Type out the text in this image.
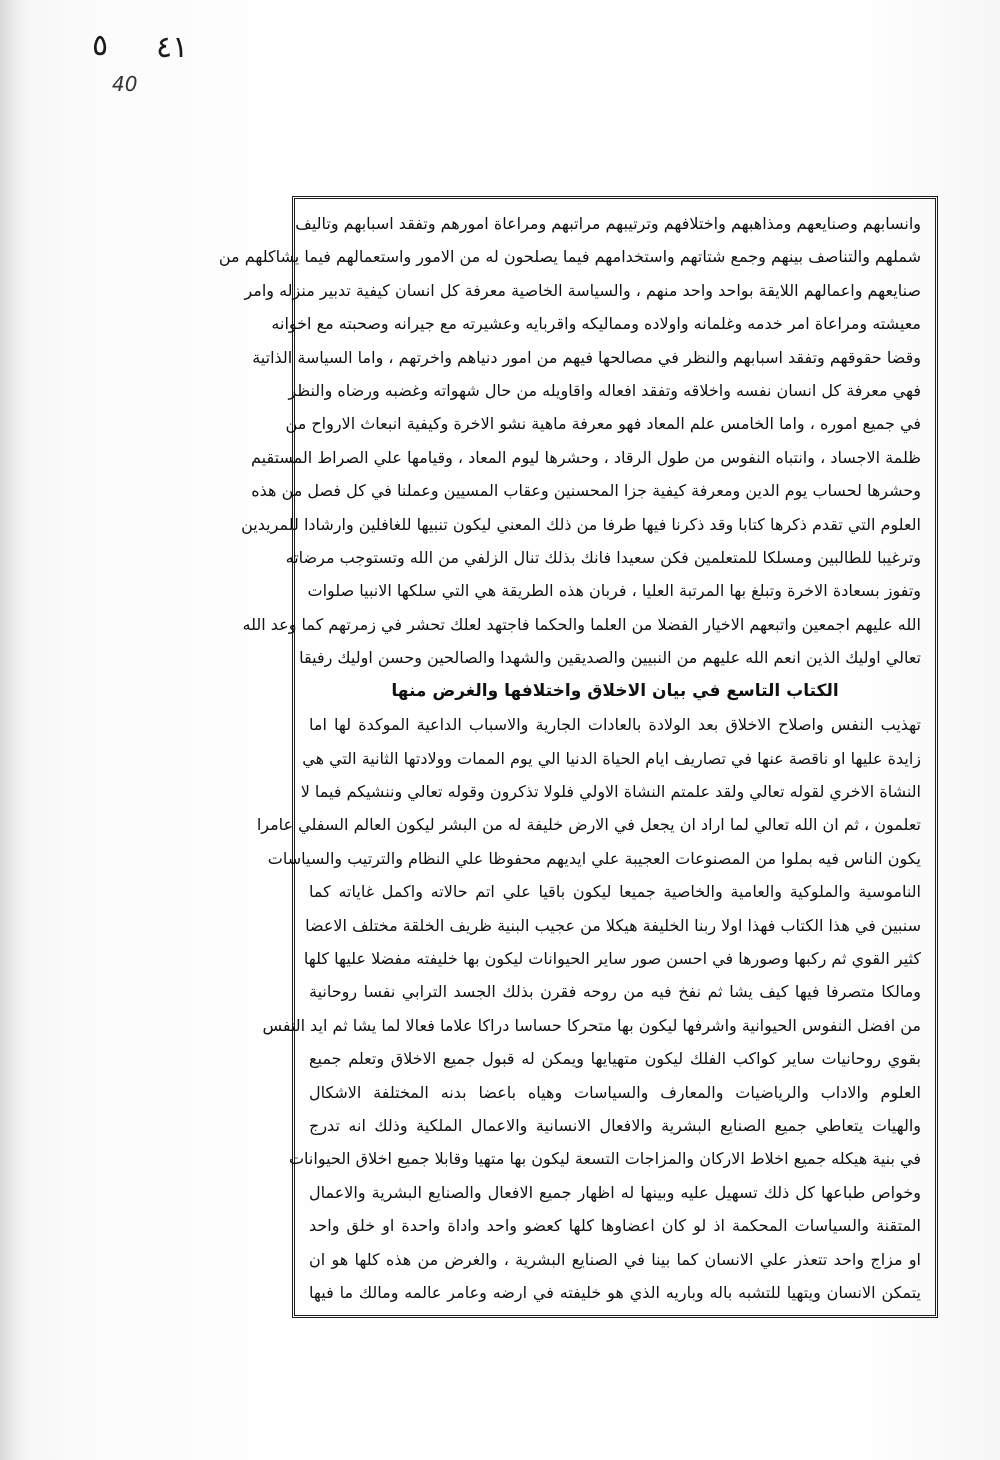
٤١
٥
40
وانسابهم وصنايعهم ومذاهبهم واختلافهم وترتيبهم مراتبهم ومراعاة امورهم وتفقد اسبابهم وتاليف
شملهم والتناصف بينهم وجمع شتاتهم واستخدامهم فيما يصلحون له من الامور واستعمالهم فيما يشاكلهم من
صنايعهم واعمالهم اللايقة بواحد واحد منهم ، والسياسة الخاصية معرفة كل انسان كيفية تدبير منزله وامر
معيشته ومراعاة امر خدمه وغلمانه واولاده ومماليكه واقربايه وعشيرته مع جيرانه وصحبته مع اخوانه
وقضا حقوقهم وتفقد اسبابهم والنظر في مصالحها فيهم من امور دنياهم واخرتهم ، واما السياسة الذاتية
فهي معرفة كل انسان نفسه واخلاقه وتفقد افعاله واقاويله من حال شهواته وغضبه ورضاه والنظر
في جميع اموره ، واما الخامس علم المعاد فهو معرفة ماهية نشو الاخرة وكيفية انبعاث الارواح من
ظلمة الاجساد ، وانتباه النفوس من طول الرقاد ، وحشرها ليوم المعاد ، وقيامها علي الصراط المستقيم
وحشرها لحساب يوم الدين ومعرفة كيفية جزا المحسنين وعقاب المسيين وعملنا في كل فصل من هذه
العلوم التي تقدم ذكرها كتابا وقد ذكرنا فيها طرفا من ذلك المعني ليكون تنبيها للغافلين وارشادا للمريدين
وترغيبا للطالبين ومسلكا للمتعلمين فكن سعيدا فانك بذلك تنال الزلفي من الله وتستوجب مرضاته
وتفوز بسعادة الاخرة وتبلغ بها المرتبة العليا ، فربان هذه الطريقة هي التي سلكها الانبيا صلوات
الله عليهم اجمعين واتبعهم الاخيار الفضلا من العلما والحكما فاجتهد لعلك تحشر في زمرتهم كما وعد الله
تعالي اوليك الذين انعم الله عليهم من النبيين والصديقين والشهدا والصالحين وحسن اوليك رفيقا
الكتاب التاسع في بيان الاخلاق واختلافها والغرض منها
تهذيب النفس واصلاح الاخلاق بعد الولادة بالعادات الجارية والاسباب الداعية الموكدة لها اما
زايدة عليها او ناقصة عنها في تصاريف ايام الحياة الدنيا الي يوم الممات وولادتها الثانية التي هي
النشاة الاخري لقوله تعالي ولقد علمتم النشاة الاولي فلولا تذكرون وقوله تعالي وننشيكم فيما لا
تعلمون ، ثم ان الله تعالي لما اراد ان يجعل في الارض خليفة له من البشر ليكون العالم السفلي عامرا
يكون الناس فيه بملوا من المصنوعات العجيبة علي ايديهم محفوظا علي النظام والترتيب والسياسات
الناموسية والملوكية والعامية والخاصية جميعا ليكون باقيا علي اتم حالاته واكمل غاياته كما
سنبين في هذا الكتاب فهذا اولا ربنا الخليفة هيكلا من عجيب البنية ظريف الخلقة مختلف الاعضا
كثير القوي ثم ركبها وصورها في احسن صور ساير الحيوانات ليكون بها خليفته مفضلا عليها كلها
ومالكا متصرفا فيها كيف يشا ثم نفخ فيه من روحه فقرن بذلك الجسد الترابي نفسا روحانية
من افضل النفوس الحيوانية واشرفها ليكون بها متحركا حساسا دراكا علاما فعالا لما يشا ثم ايد النفس
بقوي روحانيات ساير كواكب الفلك ليكون متهيايها ويمكن له قبول جميع الاخلاق وتعلم جميع
العلوم والاداب والرياضيات والمعارف والسياسات وهياه باعضا بدنه المختلفة الاشكال
والهيات يتعاطي جميع الصنايع البشرية والافعال الانسانية والاعمال الملكية وذلك انه تدرج
في بنية هيكله جميع اخلاط الاركان والمزاجات التسعة ليكون بها متهيا وقابلا جميع اخلاق الحيوانات
وخواص طباعها كل ذلك تسهيل عليه وبينها له اظهار جميع الافعال والصنايع البشرية والاعمال
المتقنة والسياسات المحكمة اذ لو كان اعضاوها كلها كعضو واحد واداة واحدة او خلق واحد
او مزاج واحد تتعذر علي الانسان كما بينا في الصنايع البشرية ، والغرض من هذه كلها هو ان
يتمكن الانسان ويتهيا للتشبه باله وباريه الذي هو خليفته في ارضه وعامر عالمه ومالك ما فيها
